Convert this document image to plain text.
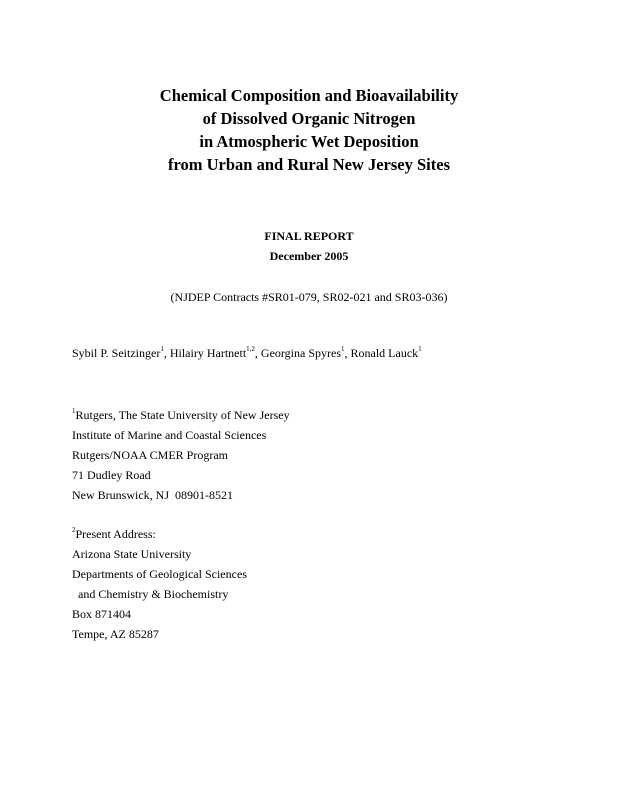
Chemical Composition and Bioavailability
of Dissolved Organic Nitrogen
in Atmospheric Wet Deposition
from Urban and Rural New Jersey Sites
FINAL REPORT
December 2005
(NJDEP Contracts #SR01-079, SR02-021 and SR03-036)
Sybil P. Seitzinger$^1$, Hilairy Hartnett$^{1,2}$, Georgina Spyres$^1$, Ronald Lauck$^1$
$^1$Rutgers, The State University of New Jersey
Institute of Marine and Coastal Sciences
Rutgers/NOAA CMER Program
71 Dudley Road
New Brunswick, NJ  08901-8521
$^2$Present Address:
Arizona State University
Departments of Geological Sciences
and Chemistry & Biochemistry
Box 871404
Tempe, AZ 85287
